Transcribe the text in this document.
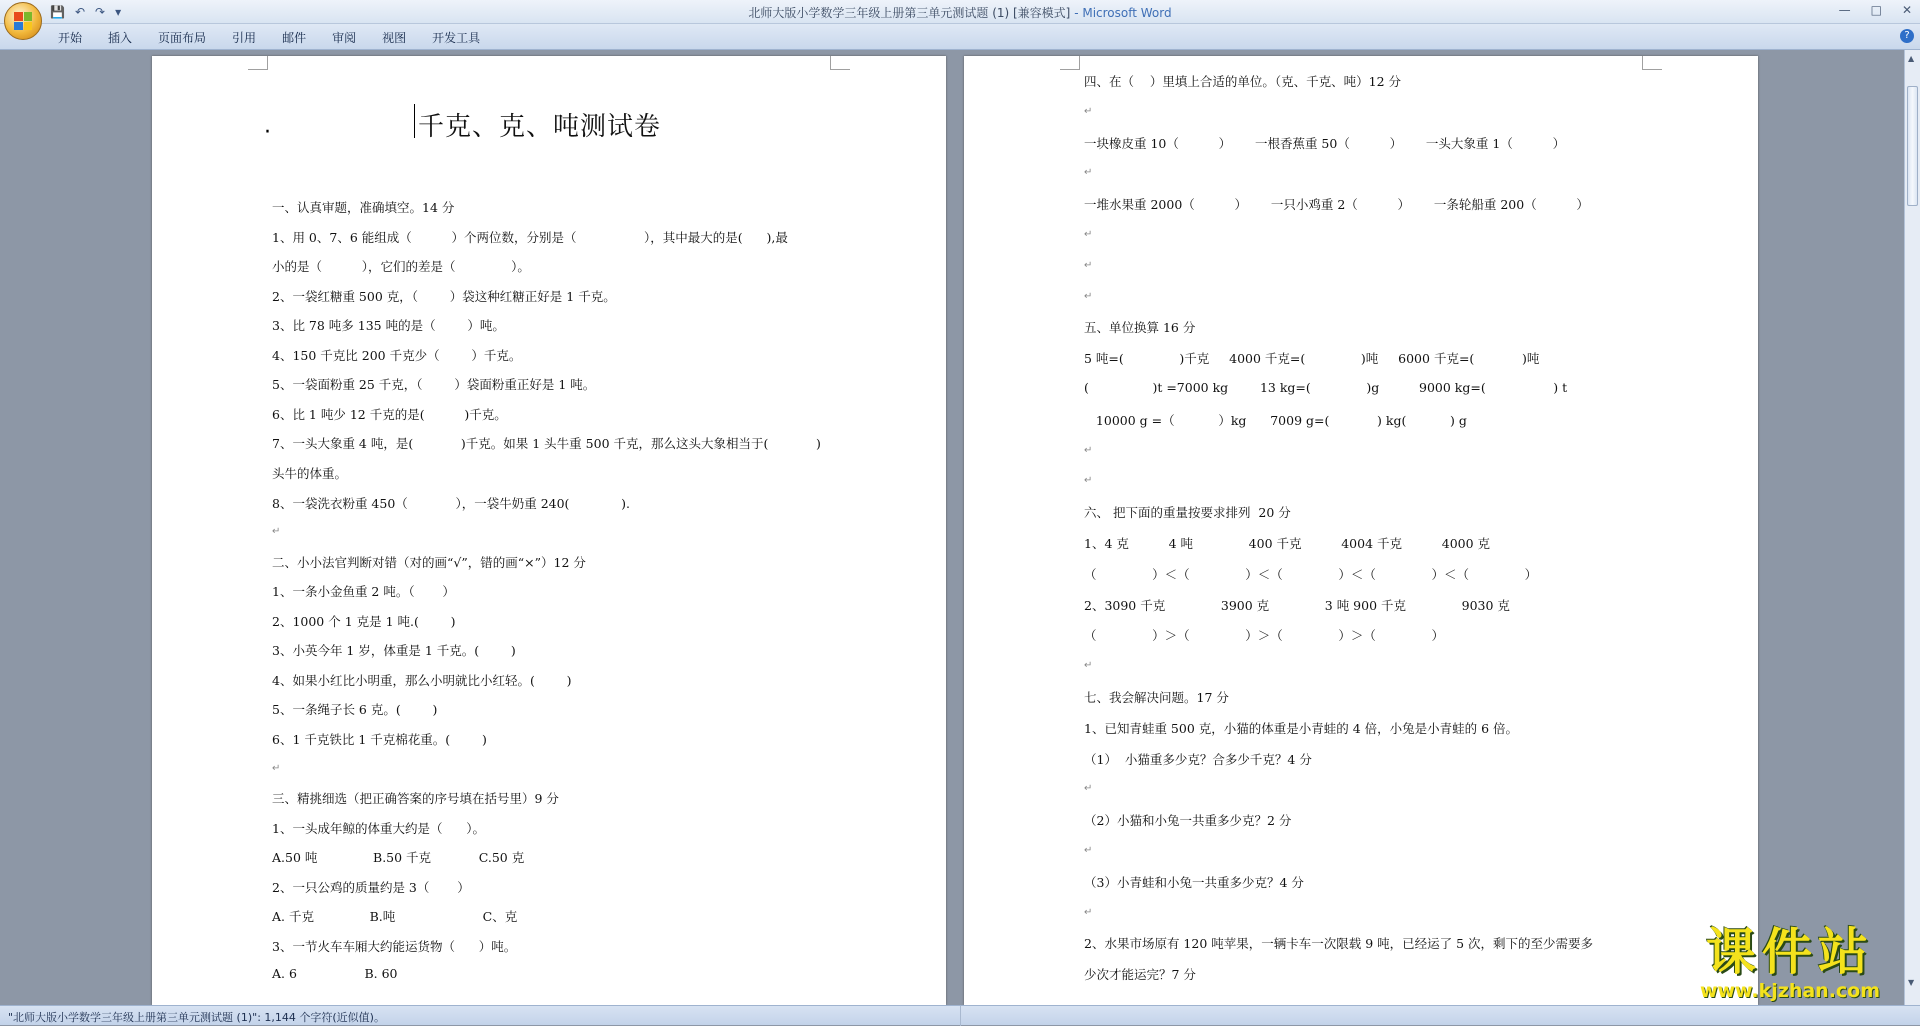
💾 ↶ ↷ ▾	北师大版小学数学三年级上册第三单元测试题 (1) [兼容模式] - Microsoft Word	— □ ✕
开始 插入 页面布局 引用 邮件 审阅 视图 开发工具	?
·	千克、克、吨测试卷
一、认真审题，准确填空。14 分
1、用 0、7、6 能组成（          ）个两位数，分别是（                 ），其中最大的是(      ),最
小的是（          ），它们的差是（              ）。
2、一袋红糖重 500 克，（        ）袋这种红糖正好是 1 千克。
3、比 78 吨多 135 吨的是（        ）吨。
4、150 千克比 200 千克少（        ）千克。
5、一袋面粉重 25 千克，（        ）袋面粉重正好是 1 吨。
6、比 1 吨少 12 千克的是(          )千克。
7、一头大象重 4 吨，是(            )千克。如果 1 头牛重 500 千克，那么这头大象相当于(            )
头牛的体重。
8、一袋洗衣粉重 450（            ），一袋牛奶重 240(             ).
↵
二、小小法官判断对错（对的画“√”，错的画“×”）12 分
1、一条小金鱼重 2 吨。（       ）
2、1000 个 1 克是 1 吨.(        )
3、小英今年 1 岁，体重是 1 千克。(        )
4、如果小红比小明重，那么小明就比小红轻。(        )
5、一条绳子长 6 克。(        )
6、1 千克铁比 1 千克棉花重。(        )
↵
三、精挑细选（把正确答案的序号填在括号里）9 分
1、一头成年鲸的体重大约是（      ）。
A.50 吨              B.50 千克            C.50 克
2、一只公鸡的质量约是 3（       ）
A. 千克              B.吨                      C、克
3、一节火车车厢大约能运货物（      ）吨。
A. 6                 B. 60
四、在（    ）里填上合适的单位。（克、千克、吨）12 分
↵
一块橡皮重 10（          ）      一根香蕉重 50（          ）      一头大象重 1（          ）
↵
一堆水果重 2000（          ）      一只小鸡重 2（          ）      一条轮船重 200（          ）
↵
↵
↵
五、单位换算 16 分
5 吨=(              )千克     4000 千克=(              )吨     6000 千克=(            )吨
(                )t =7000 kg        13 kg=(              )g          9000 kg=(                 ) t
10000 g =（           ）kg      7009 g=(            ) kg(           ) g
↵
↵
六、 把下面的重量按要求排列  20 分
1、4 克          4 吨              400 千克          4004 千克          4000 克
（              ）＜（              ）＜（              ）＜（              ）＜（              ）
2、3090 千克              3900 克              3 吨 900 千克              9030 克
（              ）＞（              ）＞（              ）＞（              ）
↵
七、我会解决问题。17 分
1、已知青蛙重 500 克，小猫的体重是小青蛙的 4 倍，小兔是小青蛙的 6 倍。
（1）  小猫重多少克？合多少千克？4 分
↵
（2）小猫和小兔一共重多少克？2 分
↵
（3）小青蛙和小兔一共重多少克？4 分
↵
2、水果市场原有 120 吨苹果，一辆卡车一次限载 9 吨，已经运了 5 次，剩下的至少需要多
少次才能运完？7 分
▲
▼
"北师大版小学数学三年级上册第三单元测试题 (1)": 1,144 个字符(近似值)。
课件站
www.kjzhan.com
